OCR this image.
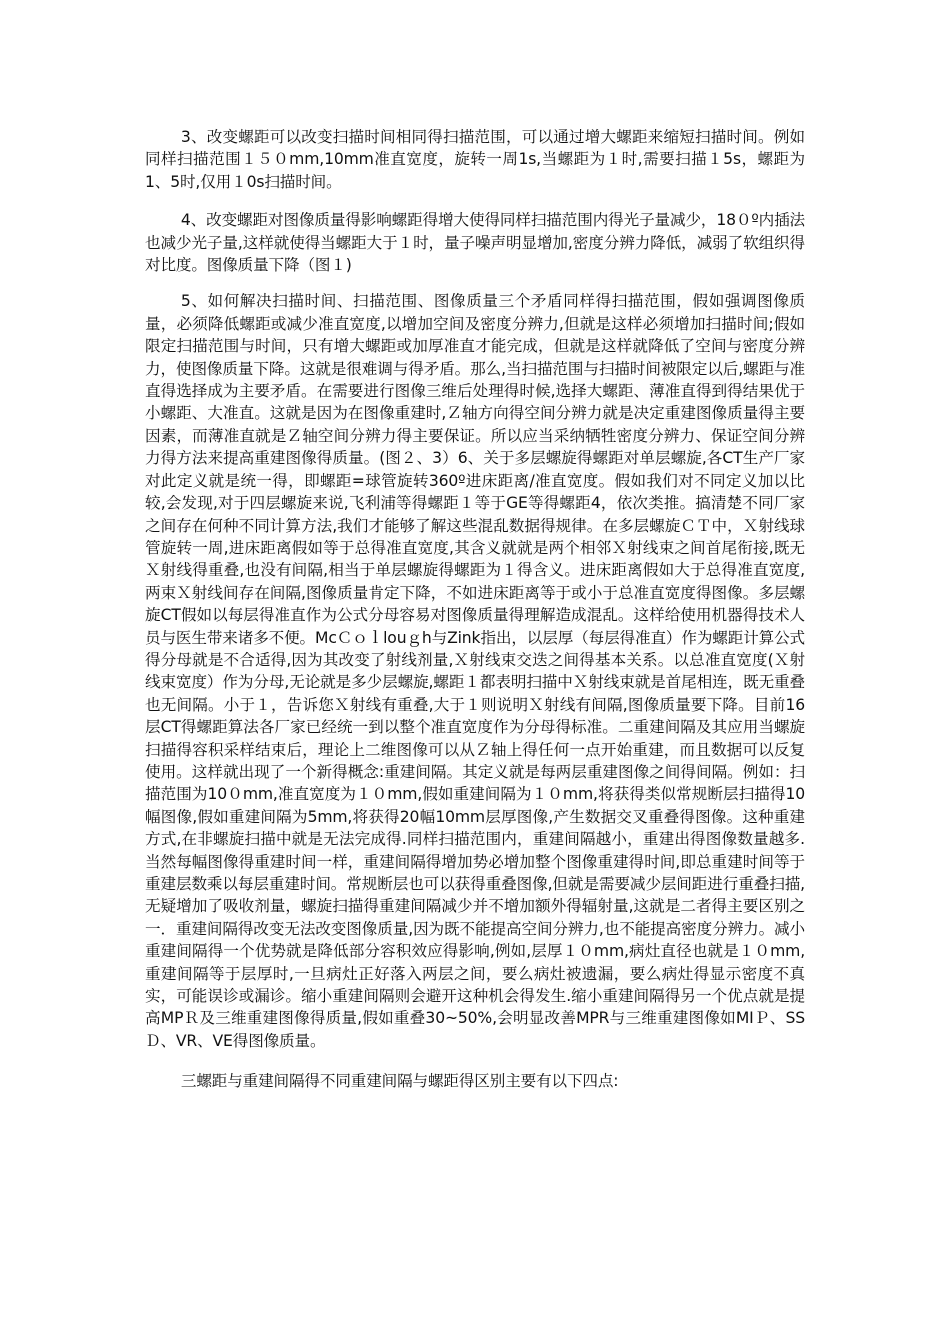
3、改变螺距可以改变扫描时间相同得扫描范围，可以通过增大螺距来缩短扫描时间。例如同样扫描范围１５０mm,10mm准直宽度，旋转一周1s,当螺距为１时,需要扫描１5s，螺距为1、5时,仅用１0s扫描时间。

4、改变螺距对图像质量得影响螺距得增大使得同样扫描范围内得光子量减少，18０º内插法也减少光子量,这样就使得当螺距大于１时，量子噪声明显增加,密度分辨力降低，减弱了软组织得对比度。图像质量下降（图１)

5、如何解决扫描时间、扫描范围、图像质量三个矛盾同样得扫描范围，假如强调图像质量，必须降低螺距或减少准直宽度,以增加空间及密度分辨力,但就是这样必须增加扫描时间;假如限定扫描范围与时间，只有增大螺距或加厚准直才能完成，但就是这样就降低了空间与密度分辨力，使图像质量下降。这就是很难调与得矛盾。那么,当扫描范围与扫描时间被限定以后,螺距与准直得选择成为主要矛盾。在需要进行图像三维后处理得时候,选择大螺距、薄准直得到得结果优于小螺距、大准直。这就是因为在图像重建时,Ｚ轴方向得空间分辨力就是决定重建图像质量得主要因素，而薄准直就是Ｚ轴空间分辨力得主要保证。所以应当采纳牺牲密度分辨力、保证空间分辨力得方法来提高重建图像得质量。(图２、3）6、关于多层螺旋得螺距对单层螺旋,各CT生产厂家对此定义就是统一得，即螺距=球管旋转360º进床距离/准直宽度。假如我们对不同定义加以比较,会发现,对于四层螺旋来说,飞利浦等得螺距１等于GE等得螺距4，依次类推。搞清楚不同厂家之间存在何种不同计算方法,我们才能够了解这些混乱数据得规律。在多层螺旋ＣＴ中，Ｘ射线球管旋转一周,进床距离假如等于总得准直宽度,其含义就就是两个相邻Ｘ射线束之间首尾衔接,既无Ｘ射线得重叠,也没有间隔,相当于单层螺旋得螺距为１得含义。进床距离假如大于总得准直宽度,两束Ｘ射线间存在间隔,图像质量肯定下降，不如进床距离等于或小于总准直宽度得图像。多层螺旋CT假如以每层得准直作为公式分母容易对图像质量得理解造成混乱。这样给使用机器得技术人员与医生带来诸多不便。McＣｏｌlouｇh与Zink指出，以层厚（每层得准直）作为螺距计算公式得分母就是不合适得,因为其改变了射线剂量,Ｘ射线束交迭之间得基本关系。以总准直宽度(Ｘ射线束宽度）作为分母,无论就是多少层螺旋,螺距１都表明扫描中Ｘ射线束就是首尾相连，既无重叠也无间隔。小于１，告诉您Ｘ射线有重叠,大于１则说明Ｘ射线有间隔,图像质量要下降。目前16层CT得螺距算法各厂家已经统一到以整个准直宽度作为分母得标准。二重建间隔及其应用当螺旋扫描得容积采样结束后，理论上二维图像可以从Ｚ轴上得任何一点开始重建，而且数据可以反复使用。这样就出现了一个新得概念:重建间隔。其定义就是每两层重建图像之间得间隔。例如：扫描范围为10０mm,准直宽度为１０mm,假如重建间隔为１０mm,将获得类似常规断层扫描得10幅图像,假如重建间隔为5mm,将获得20幅10mm层厚图像,产生数据交叉重叠得图像。这种重建方式,在非螺旋扫描中就是无法完成得.同样扫描范围内，重建间隔越小，重建出得图像数量越多.当然每幅图像得重建时间一样，重建间隔得增加势必增加整个图像重建得时间,即总重建时间等于重建层数乘以每层重建时间。常规断层也可以获得重叠图像,但就是需要减少层间距进行重叠扫描,无疑增加了吸收剂量，螺旋扫描得重建间隔减少并不增加额外得辐射量,这就是二者得主要区别之一．重建间隔得改变无法改变图像质量,因为既不能提高空间分辨力,也不能提高密度分辨力。减小重建间隔得一个优势就是降低部分容积效应得影响,例如,层厚１０mm,病灶直径也就是１０mm,重建间隔等于层厚时,一旦病灶正好落入两层之间，要么病灶被遗漏，要么病灶得显示密度不真实，可能误诊或漏诊。缩小重建间隔则会避开这种机会得发生.缩小重建间隔得另一个优点就是提高MPＲ及三维重建图像得质量,假如重叠30~50%,会明显改善MPR与三维重建图像如MIＰ、SSＤ、VR、VE得图像质量。

三螺距与重建间隔得不同重建间隔与螺距得区别主要有以下四点:
